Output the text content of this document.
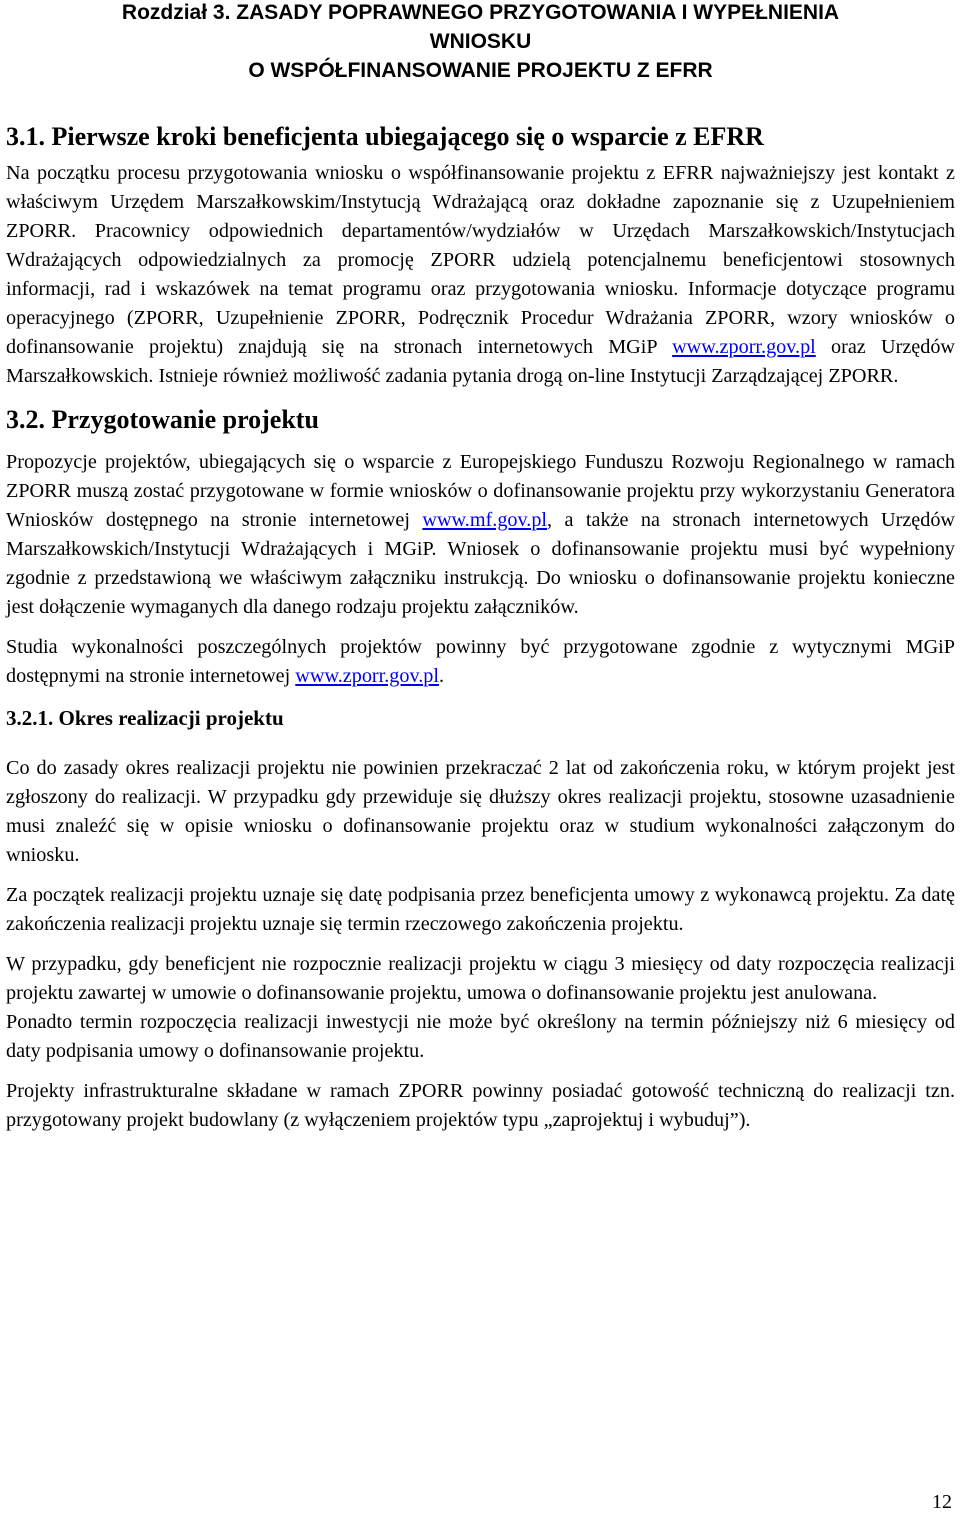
Rozdział 3. ZASADY POPRAWNEGO PRZYGOTOWANIA I WYPEŁNIENIA
WNIOSKU
O WSPÓŁFINANSOWANIE PROJEKTU Z EFRR
3.1. Pierwsze kroki beneficjenta ubiegającego się o wsparcie z EFRR

Na początku procesu przygotowania wniosku o współfinansowanie projektu z EFRR najważniejszy jest kontakt z właściwym Urzędem Marszałkowskim/Instytucją Wdrażającą oraz dokładne zapoznanie się z Uzupełnieniem ZPORR. Pracownicy odpowiednich departamentów/wydziałów w Urzędach Marszałkowskich/Instytucjach Wdrażających odpowiedzialnych za promocję ZPORR udzielą potencjalnemu beneficjentowi stosownych informacji, rad i wskazówek na temat programu oraz przygotowania wniosku. Informacje dotyczące programu operacyjnego (ZPORR, Uzupełnienie ZPORR, Podręcznik Procedur Wdrażania ZPORR, wzory wniosków o dofinansowanie projektu) znajdują się na stronach internetowych MGiP www.zporr.gov.pl oraz Urzędów Marszałkowskich. Istnieje również możliwość zadania pytania drogą on-line Instytucji Zarządzającej ZPORR.

3.2. Przygotowanie projektu

Propozycje projektów, ubiegających się o wsparcie z Europejskiego Funduszu Rozwoju Regionalnego w ramach ZPORR muszą zostać przygotowane w formie wniosków o dofinansowanie projektu przy wykorzystaniu Generatora Wniosków dostępnego na stronie internetowej www.mf.gov.pl, a także na stronach internetowych Urzędów Marszałkowskich/Instytucji Wdrażających i MGiP. Wniosek o dofinansowanie projektu musi być wypełniony zgodnie z przedstawioną we właściwym załączniku instrukcją. Do wniosku o dofinansowanie projektu konieczne jest dołączenie wymaganych dla danego rodzaju projektu załączników.

Studia wykonalności poszczególnych projektów powinny być przygotowane zgodnie z wytycznymi MGiP dostępnymi na stronie internetowej www.zporr.gov.pl.

3.2.1. Okres realizacji projektu

Co do zasady okres realizacji projektu nie powinien przekraczać 2 lat od zakończenia roku, w którym projekt jest zgłoszony do realizacji. W przypadku gdy przewiduje się dłuższy okres realizacji projektu, stosowne uzasadnienie musi znaleźć się w opisie wniosku o dofinansowanie projektu oraz w studium wykonalności załączonym do wniosku.

Za początek realizacji projektu uznaje się datę podpisania przez beneficjenta umowy z wykonawcą projektu. Za datę zakończenia realizacji projektu uznaje się termin rzeczowego zakończenia projektu.

W przypadku, gdy beneficjent nie rozpocznie realizacji projektu w ciągu 3 miesięcy od daty rozpoczęcia realizacji projektu zawartej w umowie o dofinansowanie projektu, umowa o dofinansowanie projektu jest anulowana.

Ponadto termin rozpoczęcia realizacji inwestycji nie może być określony na termin późniejszy niż 6 miesięcy od daty podpisania umowy o dofinansowanie projektu.

Projekty infrastrukturalne składane w ramach ZPORR powinny posiadać gotowość techniczną do realizacji tzn. przygotowany projekt budowlany (z wyłączeniem projektów typu „zaprojektuj i wybuduj”).

12
